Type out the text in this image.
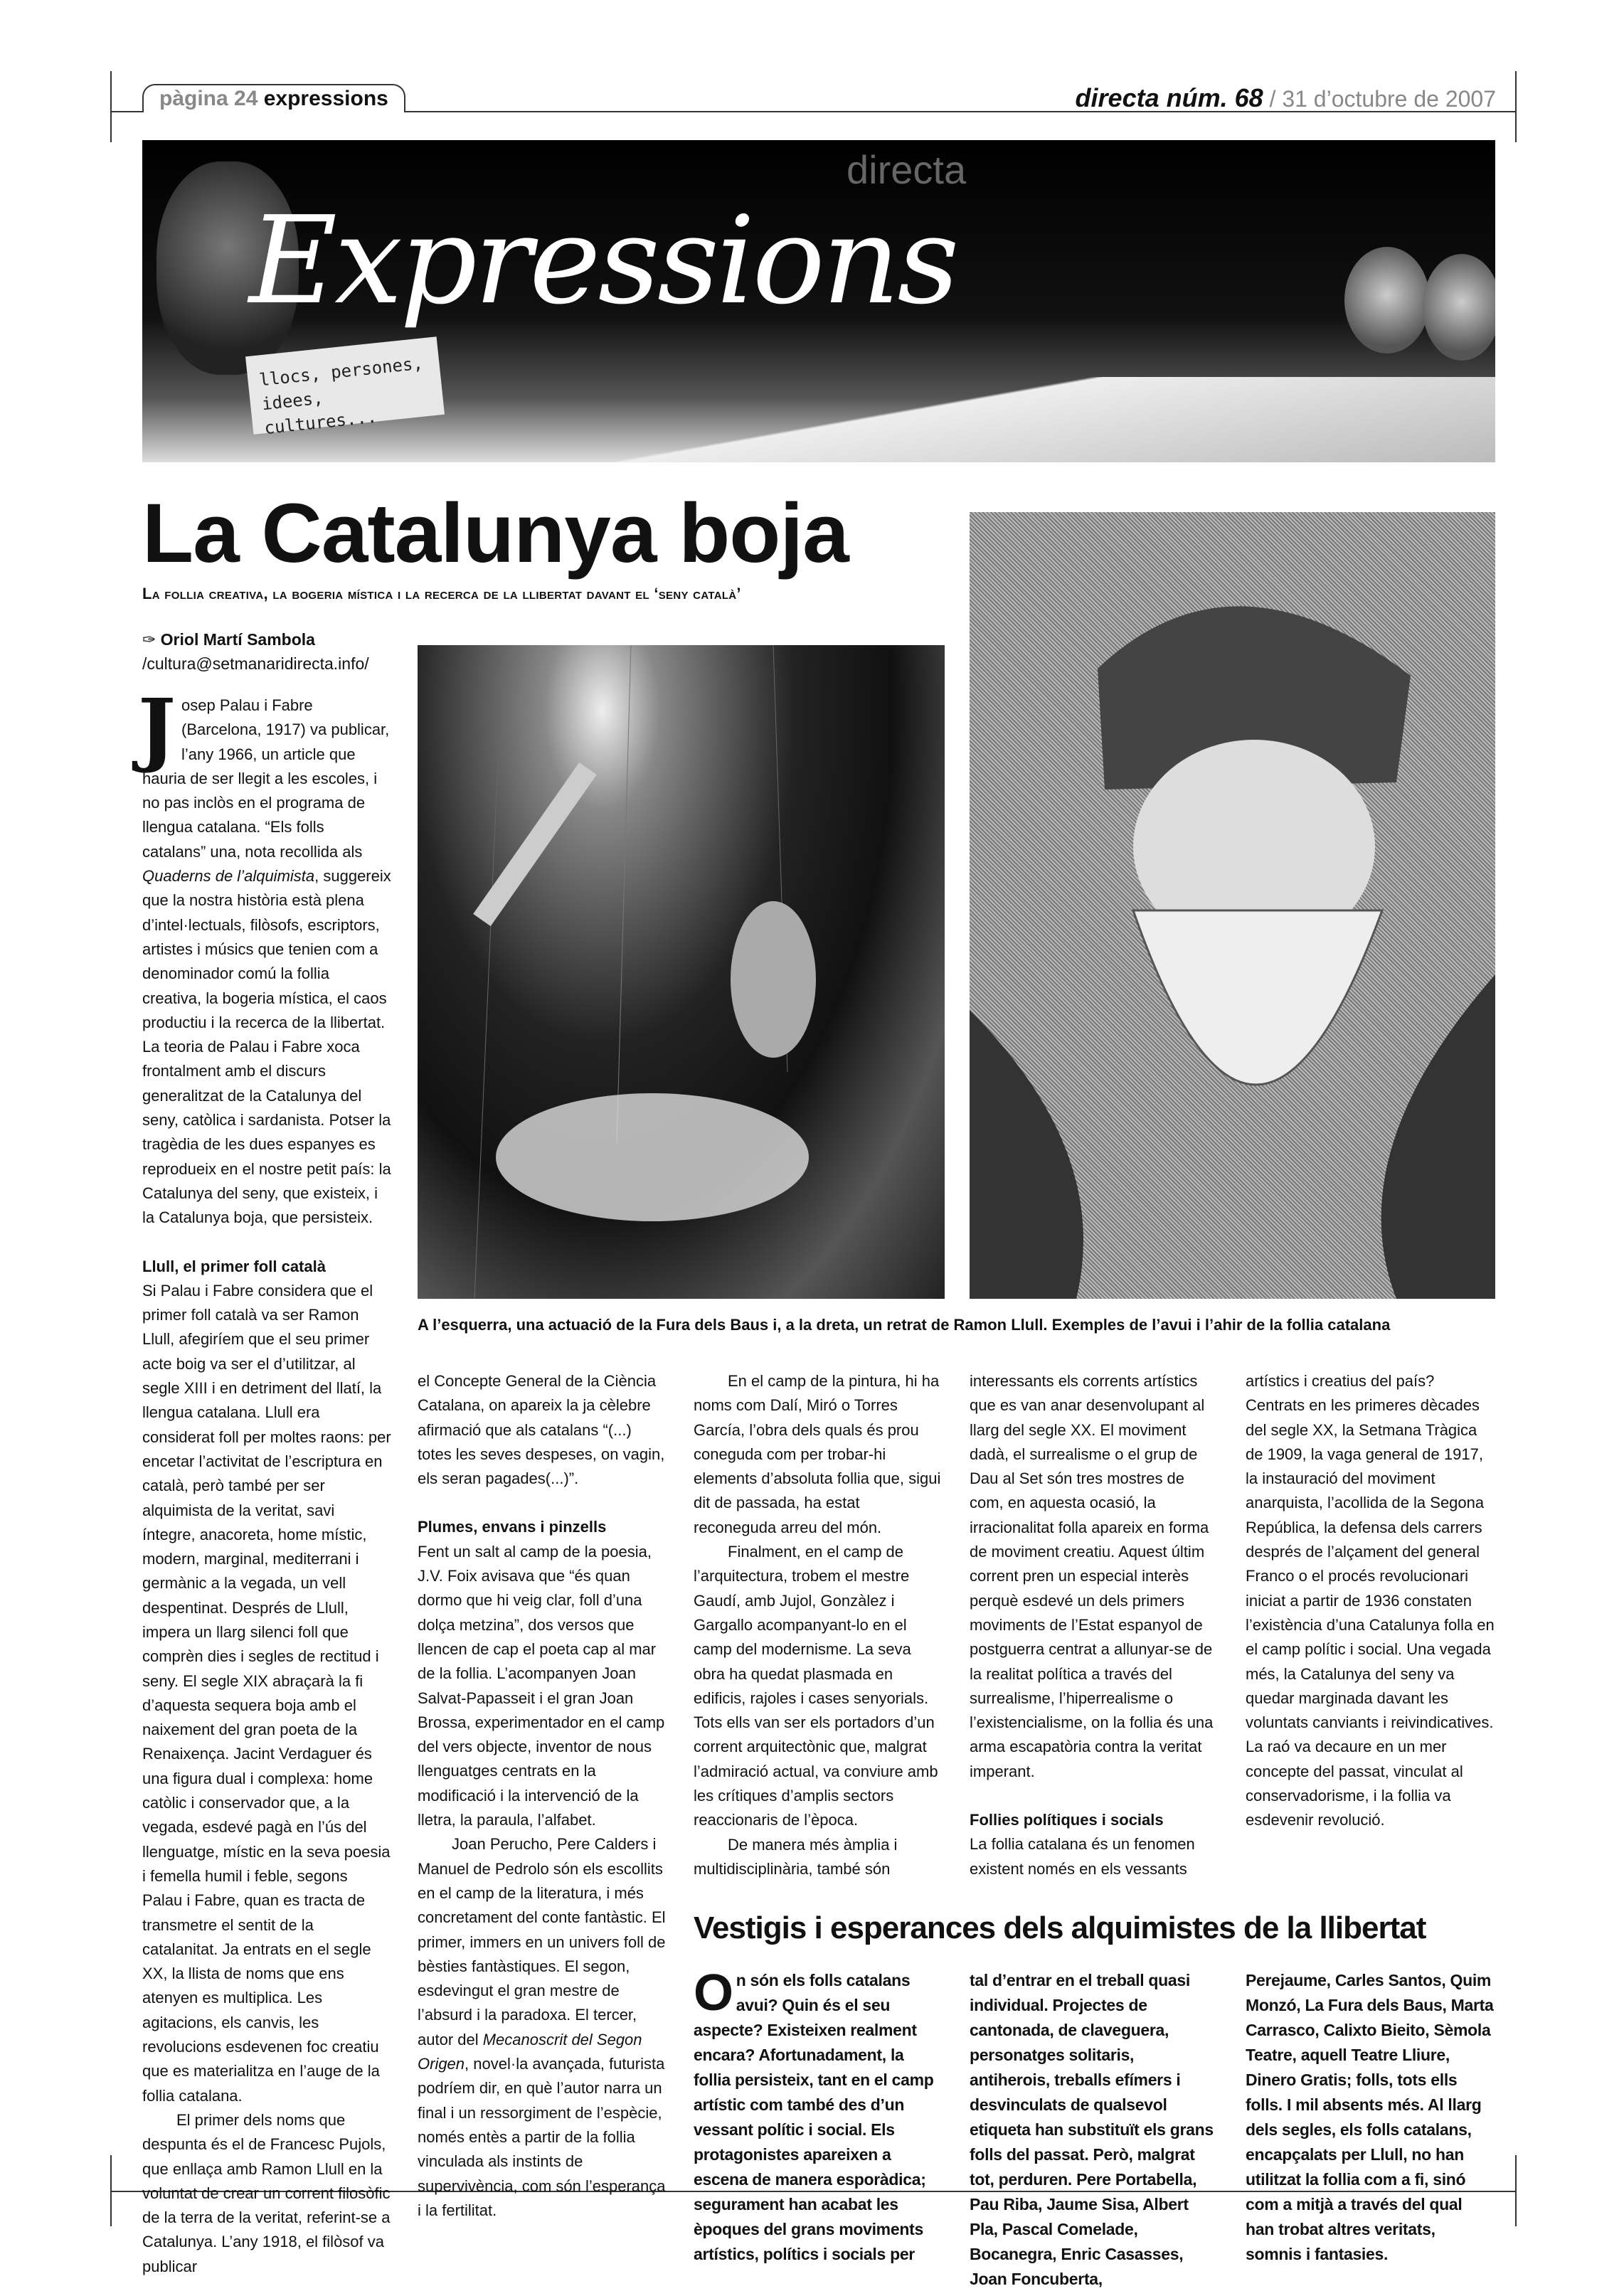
pàgina 24 expressions	directa núm. 68 / 31 d’octubre de 2007
directa
Expressions
llocs, persones, idees, cultures...
La Catalunya boja
La follia creativa, la bogeria mística i la recerca de la llibertat davant el ‘seny català’
✑ Oriol Martí Sambola
/cultura@setmanaridirecta.info/
A l’esquerra, una actuació de la Fura dels Baus i, a la dreta, un retrat de Ramon Llull. Exemples de l’avui i l’ahir de la follia catalana

Josep Palau i Fabre (Barcelona, 1917) va publicar, l’any 1966, un article que hauria de ser llegit a les escoles, i no pas inclòs en el programa de llengua catalana. “Els folls catalans” una, nota recollida als Quaderns de l’alquimista, suggereix que la nostra història està plena d’intel·lectuals, filòsofs, escriptors, artistes i músics que tenien com a denominador comú la follia creativa, la bogeria mística, el caos productiu i la recerca de la llibertat. La teoria de Palau i Fabre xoca frontalment amb el discurs generalitzat de la Catalunya del seny, catòlica i sardanista. Potser la tragèdia de les dues espanyes es reprodueix en el nostre petit país: la Catalunya del seny, que existeix, i la Catalunya boja, que persisteix.

Llull, el primer foll català

Si Palau i Fabre considera que el primer foll català va ser Ramon Llull, afegiríem que el seu primer acte boig va ser el d’utilitzar, al segle XIII i en detriment del llatí, la llengua catalana. Llull era considerat foll per moltes raons: per encetar l’activitat de l’escriptura en català, però també per ser alquimista de la veritat, savi íntegre, anacoreta, home místic, modern, marginal, mediterrani i germànic a la vegada, un vell despentinat. Després de Llull, impera un llarg silenci foll que comprèn dies i segles de rectitud i seny. El segle XIX abraçarà la fi d’aquesta sequera boja amb el naixement del gran poeta de la Renaixença. Jacint Verdaguer és una figura dual i complexa: home catòlic i conservador que, a la vegada, esdevé pagà en l’ús del llenguatge, místic en la seva poesia i femella humil i feble, segons Palau i Fabre, quan es tracta de transmetre el sentit de la catalanitat. Ja entrats en el segle XX, la llista de noms que ens atenyen es multiplica. Les agitacions, els canvis, les revolucions esdevenen foc creatiu que es materialitza en l’auge de la follia catalana.

El primer dels noms que despunta és el de Francesc Pujols, que enllaça amb Ramon Llull en la voluntat de crear un corrent filosòfic de la terra de la veritat, referint-se a Catalunya. L’any 1918, el filòsof va publicar

el Concepte General de la Ciència Catalana, on apareix la ja cèlebre afirmació que als catalans “(...) totes les seves despeses, on vagin, els seran pagades(...)”.

Plumes, envans i pinzells

Fent un salt al camp de la poesia, J.V. Foix avisava que “és quan dormo que hi veig clar, foll d’una dolça metzina”, dos versos que llencen de cap el poeta cap al mar de la follia. L’acompanyen Joan Salvat-Papasseit i el gran Joan Brossa, experimentador en el camp del vers objecte, inventor de nous llenguatges centrats en la modificació i la intervenció de la lletra, la paraula, l’alfabet.

Joan Perucho, Pere Calders i Manuel de Pedrolo són els escollits en el camp de la literatura, i més concretament del conte fantàstic. El primer, immers en un univers foll de bèsties fantàstiques. El segon, esdevingut el gran mestre de l’absurd i la paradoxa. El tercer, autor del Mecanoscrit del Segon Origen, novel·la avançada, futurista podríem dir, en què l’autor narra un final i un ressorgiment de l’espècie, només entès a partir de la follia vinculada als instints de supervivència, com són l’esperança i la fertilitat.

En el camp de la pintura, hi ha noms com Dalí, Miró o Torres García, l’obra dels quals és prou coneguda com per trobar-hi elements d’absoluta follia que, sigui dit de passada, ha estat reconeguda arreu del món.

Finalment, en el camp de l’arquitectura, trobem el mestre Gaudí, amb Jujol, Gonzàlez i Gargallo acompanyant-lo en el camp del modernisme. La seva obra ha quedat plasmada en edificis, rajoles i cases senyorials. Tots ells van ser els portadors d’un corrent arquitectònic que, malgrat l’admiració actual, va conviure amb les crítiques d’amplis sectors reaccionaris de l’època.

De manera més àmplia i multidisciplinària, també són

interessants els corrents artístics que es van anar desenvolupant al llarg del segle XX. El moviment dadà, el surrealisme o el grup de Dau al Set són tres mostres de com, en aquesta ocasió, la irracionalitat folla apareix en forma de moviment creatiu. Aquest últim corrent pren un especial interès perquè esdevé un dels primers moviments de l’Estat espanyol de postguerra centrat a allunyar-se de la realitat política a través del surrealisme, l’hiperrealisme o l’existencialisme, on la follia és una arma escapatòria contra la veritat imperant.

Follies polítiques i socials

La follia catalana és un fenomen existent només en els vessants

artístics i creatius del país? Centrats en les primeres dècades del segle XX, la Setmana Tràgica de 1909, la vaga general de 1917, la instauració del moviment anarquista, l’acollida de la Segona República, la defensa dels carrers després de l’alçament del general Franco o el procés revolucionari iniciat a partir de 1936 constaten l’existència d’una Catalunya folla en el camp polític i social. Una vegada més, la Catalunya del seny va quedar marginada davant les voluntats canviants i reivindicatives. La raó va decaure en un mer concepte del passat, vinculat al conservadorisme, i la follia va esdevenir revolució.

Vestigis i esperances dels alquimistes de la llibertat
On són els folls catalans avui? Quin és el seu aspecte? Existeixen realment encara? Afortunadament, la follia persisteix, tant en el camp artístic com també des d’un vessant polític i social. Els protagonistes apareixen a escena de manera esporàdica; segurament han acabat les èpoques del grans moviments artístics, polítics i socials per
tal d’entrar en el treball quasi individual. Projectes de cantonada, de claveguera, personatges solitaris, antiherois, treballs efímers i desvinculats de qualsevol etiqueta han substituït els grans folls del passat. Però, malgrat tot, perduren. Pere Portabella, Pau Riba, Jaume Sisa, Albert Pla, Pascal Comelade, Bocanegra, Enric Casasses, Joan Foncuberta,
Perejaume, Carles Santos, Quim Monzó, La Fura dels Baus, Marta Carrasco, Calixto Bieito, Sèmola Teatre, aquell Teatre Lliure, Dinero Gratis; folls, tots ells folls. I mil absents més. Al llarg dels segles, els folls catalans, encapçalats per Llull, no han utilitzat la follia com a fi, sinó com a mitjà a través del qual han trobat altres veritats, somnis i fantasies.
